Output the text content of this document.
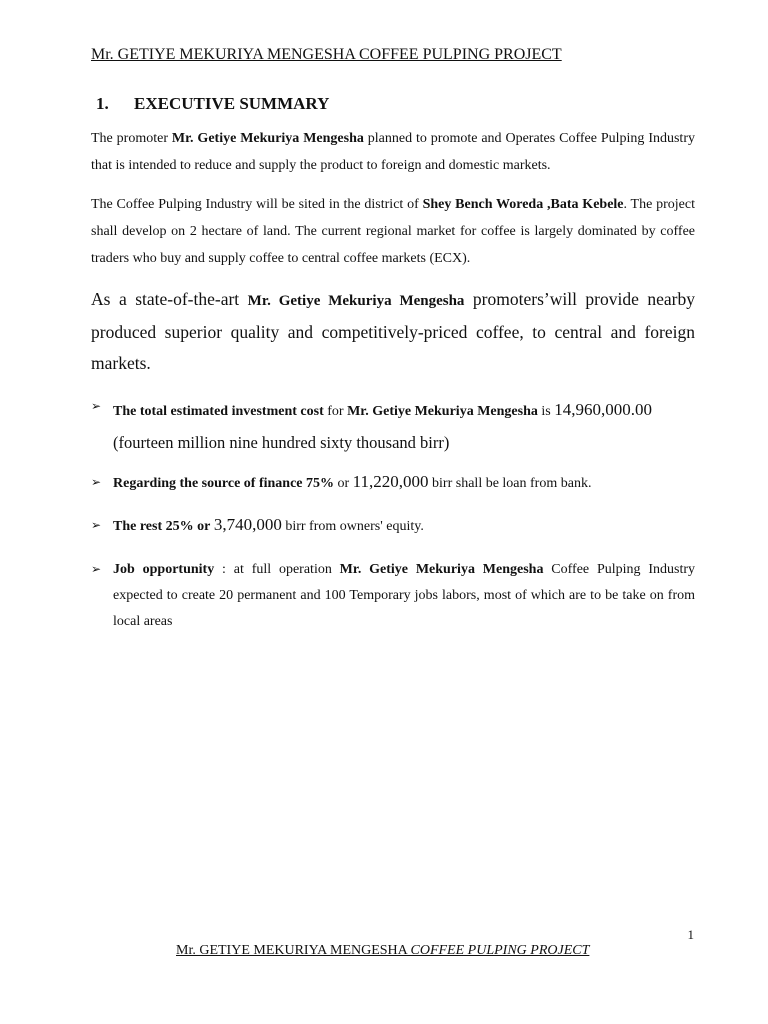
Mr. GETIYE MEKURIYA MENGESHA COFFEE PULPING PROJECT
1. EXECUTIVE SUMMARY

The promoter Mr. Getiye Mekuriya Mengesha planned to promote and Operates Coffee Pulping Industry that is intended to reduce and supply the product to foreign and domestic markets.

The Coffee Pulping Industry will be sited in the district of Shey Bench Woreda ,Bata Kebele. The project shall develop on 2 hectare of land. The current regional market for coffee is largely dominated by coffee traders who buy and supply coffee to central coffee markets (ECX).

As a state-of-the-art Mr. Getiye Mekuriya Mengesha promoters’will provide nearby produced superior quality and competitively-priced coffee, to central and foreign markets.

➢ The total estimated investment cost for Mr. Getiye Mekuriya Mengesha is 14,960,000.00
(fourteen million nine hundred sixty thousand birr)

➢ Regarding the source of finance 75% or 11,220,000 birr shall be loan from bank.

➢ The rest 25% or 3,740,000 birr from owners' equity.

➢ Job opportunity : at full operation Mr. Getiye Mekuriya Mengesha Coffee Pulping Industry expected to create 20 permanent and 100 Temporary jobs labors, most of which are to be take on from local areas

1
Mr. GETIYE MEKURIYA MENGESHA COFFEE PULPING PROJECT
